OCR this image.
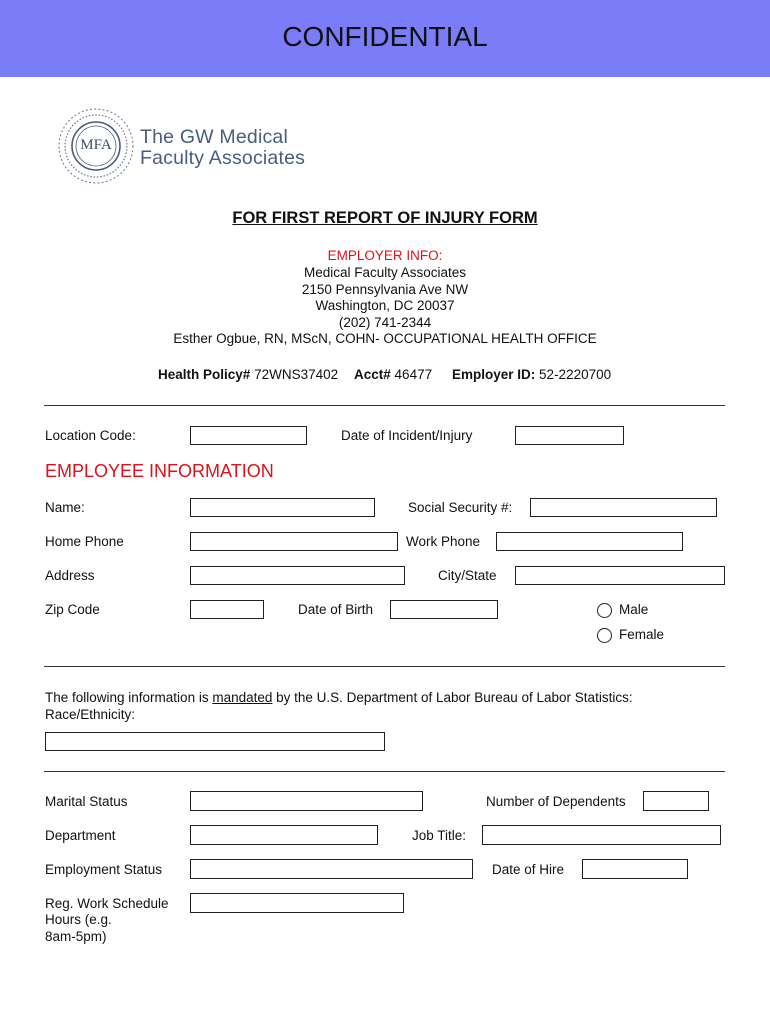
CONFIDENTIAL
MFA	The GW Medical
Faculty Associates
FOR FIRST REPORT OF INJURY FORM
EMPLOYER INFO:
Medical Faculty Associates
2150 Pennsylvania Ave NW
Washington, DC 20037
(202) 741-2344
Esther Ogbue, RN, MScN, COHN- OCCUPATIONAL HEALTH OFFICE
Health Policy# 72WNS37402 Acct# 46477 Employer ID: 52-2220700
Location Code:	Date of Incident/Injury
EMPLOYEE INFORMATION
Name:	Social Security #:
Home Phone	Work Phone
Address	City/State
Zip Code	Date of Birth	Male
Female
The following information is mandated by the U.S. Department of Labor Bureau of Labor Statistics:
Race/Ethnicity:
Marital Status	Number of Dependents
Department	Job Title:
Employment Status	Date of Hire
Reg. Work Schedule
Hours (e.g.
8am-5pm)
